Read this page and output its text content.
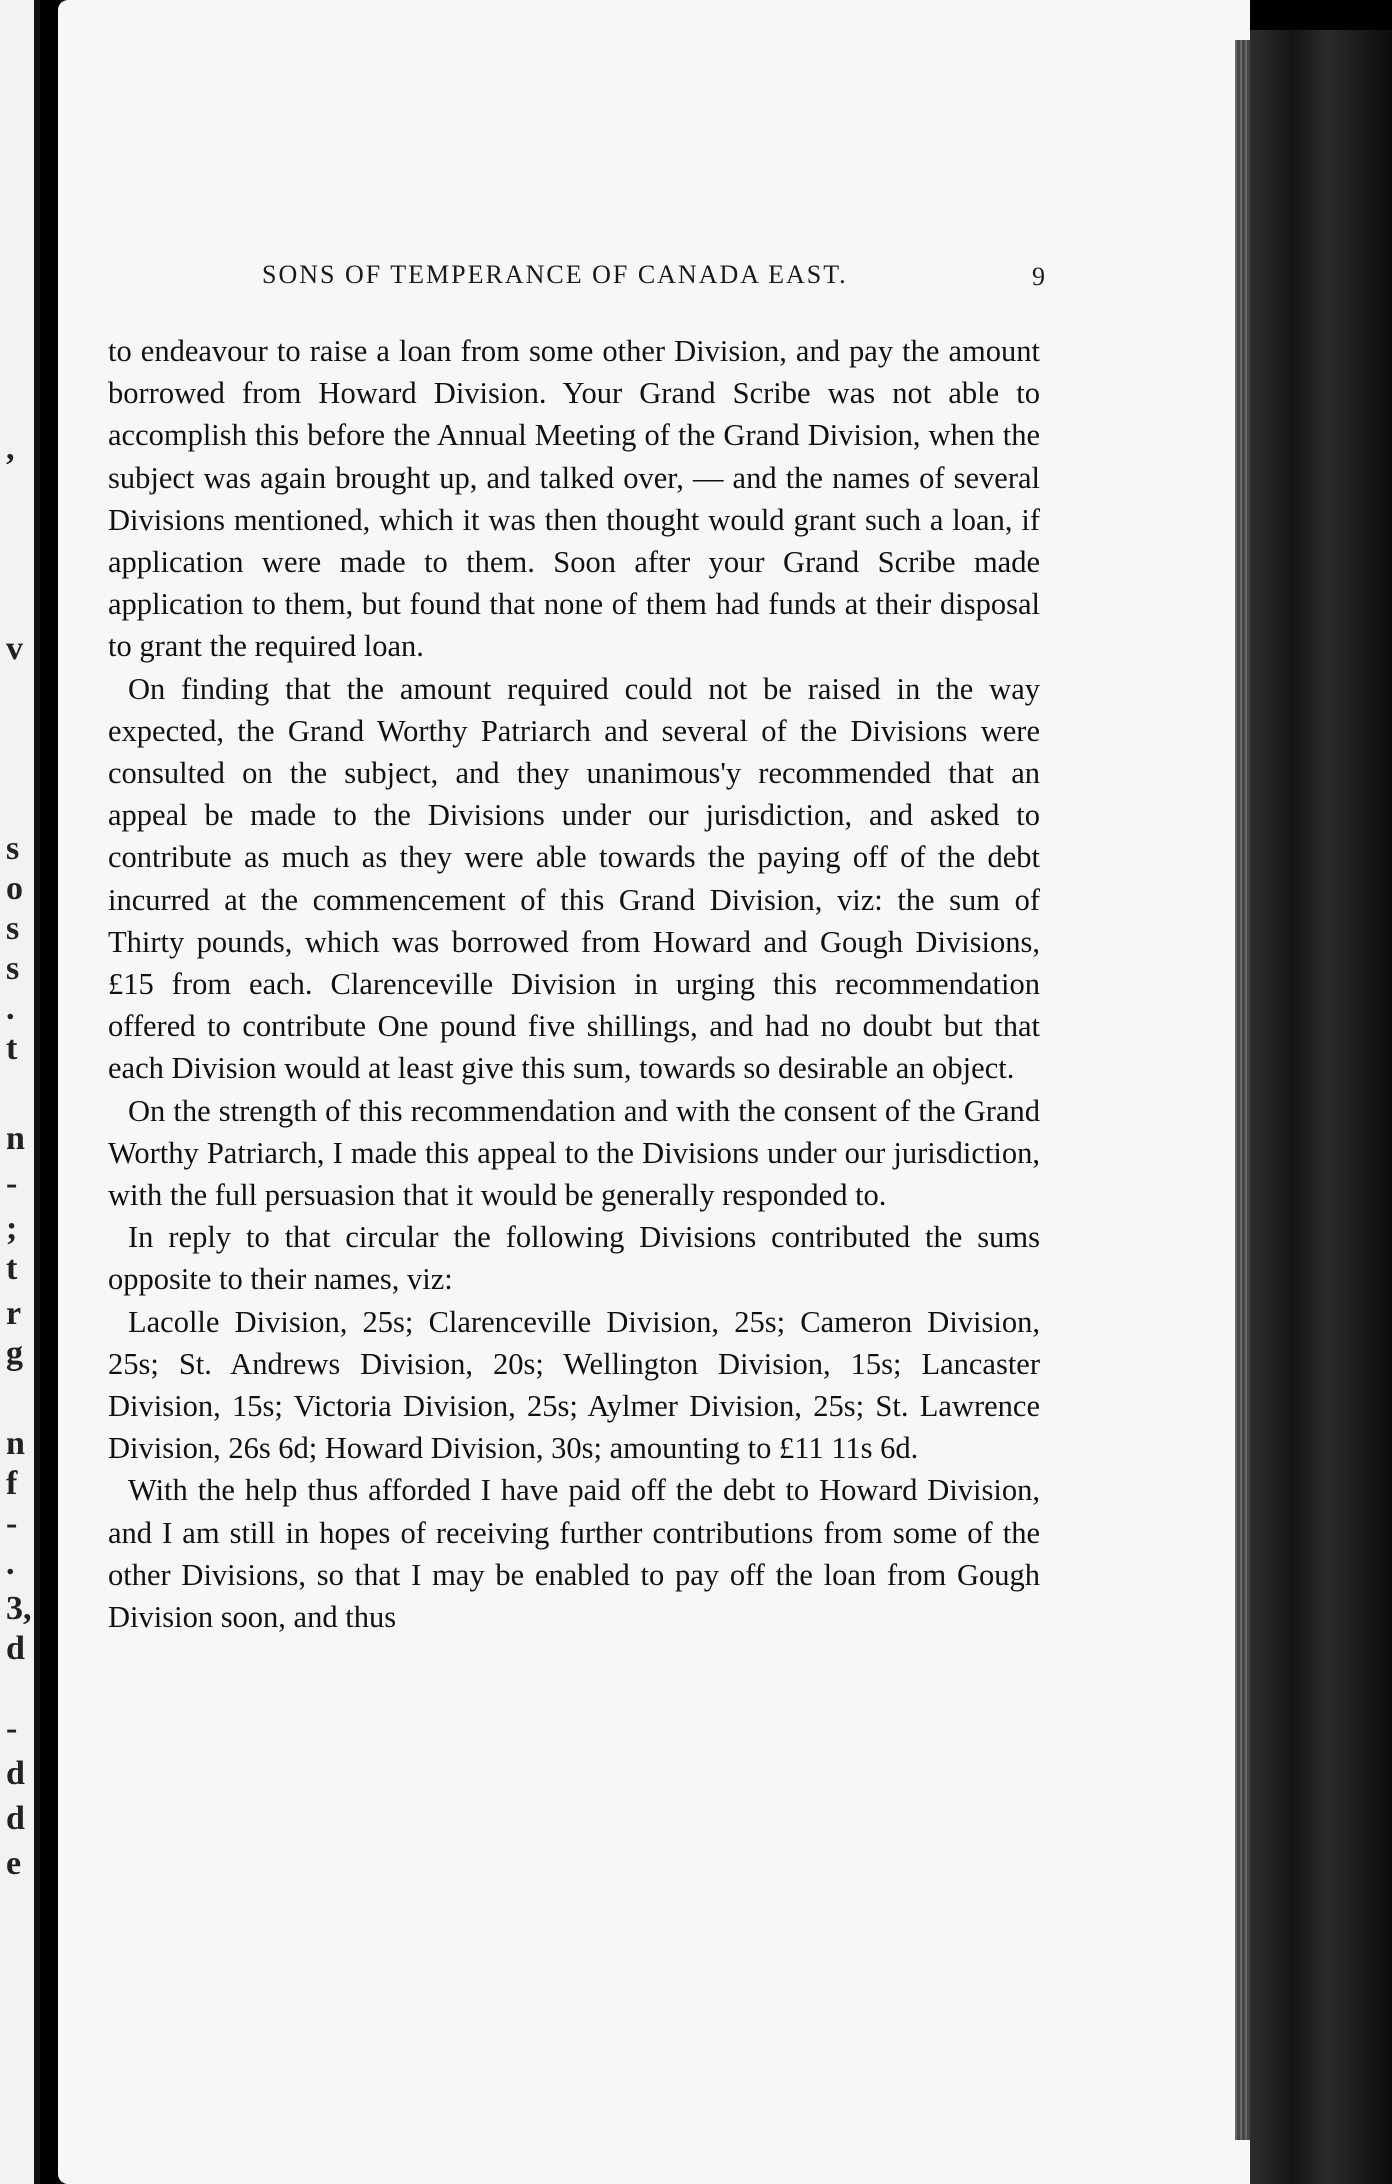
,
v
s
o
s
s
.
t
n
-
;
t
r
g
n
f
-
.
3,
d
-
d
d
e
SONS OF TEMPERANCE OF CANADA EAST.	9

to endeavour to raise a loan from some other Division, and pay the amount borrowed from Howard Division. Your Grand Scribe was not able to accomplish this before the Annual Meeting of the Grand Division, when the subject was again brought up, and talked over, — and the names of several Divisions mentioned, which it was then thought would grant such a loan, if application were made to them. Soon after your Grand Scribe made application to them, but found that none of them had funds at their disposal to grant the required loan.

On finding that the amount required could not be raised in the way expected, the Grand Worthy Patriarch and several of the Divisions were consulted on the subject, and they unanimous'y recommended that an appeal be made to the Divisions under our jurisdiction, and asked to contribute as much as they were able towards the paying off of the debt incurred at the commencement of this Grand Division, viz: the sum of Thirty pounds, which was borrowed from Howard and Gough Divisions, £15 from each. Clarenceville Division in urging this recommendation offered to contribute One pound five shillings, and had no doubt but that each Division would at least give this sum, towards so desirable an object.

On the strength of this recommendation and with the consent of the Grand Worthy Patriarch, I made this appeal to the Divisions under our jurisdiction, with the full persuasion that it would be generally responded to.

In reply to that circular the following Divisions contributed the sums opposite to their names, viz:

Lacolle Division, 25s; Clarenceville Division, 25s; Cameron Division, 25s; St. Andrews Division, 20s; Wellington Division, 15s; Lancaster Division, 15s; Victoria Division, 25s; Aylmer Division, 25s; St. Lawrence Division, 26s 6d; Howard Division, 30s; amounting to £11 11s 6d.

With the help thus afforded I have paid off the debt to Howard Division, and I am still in hopes of receiving further contributions from some of the other Divisions, so that I may be enabled to pay off the loan from Gough Division soon, and thus
